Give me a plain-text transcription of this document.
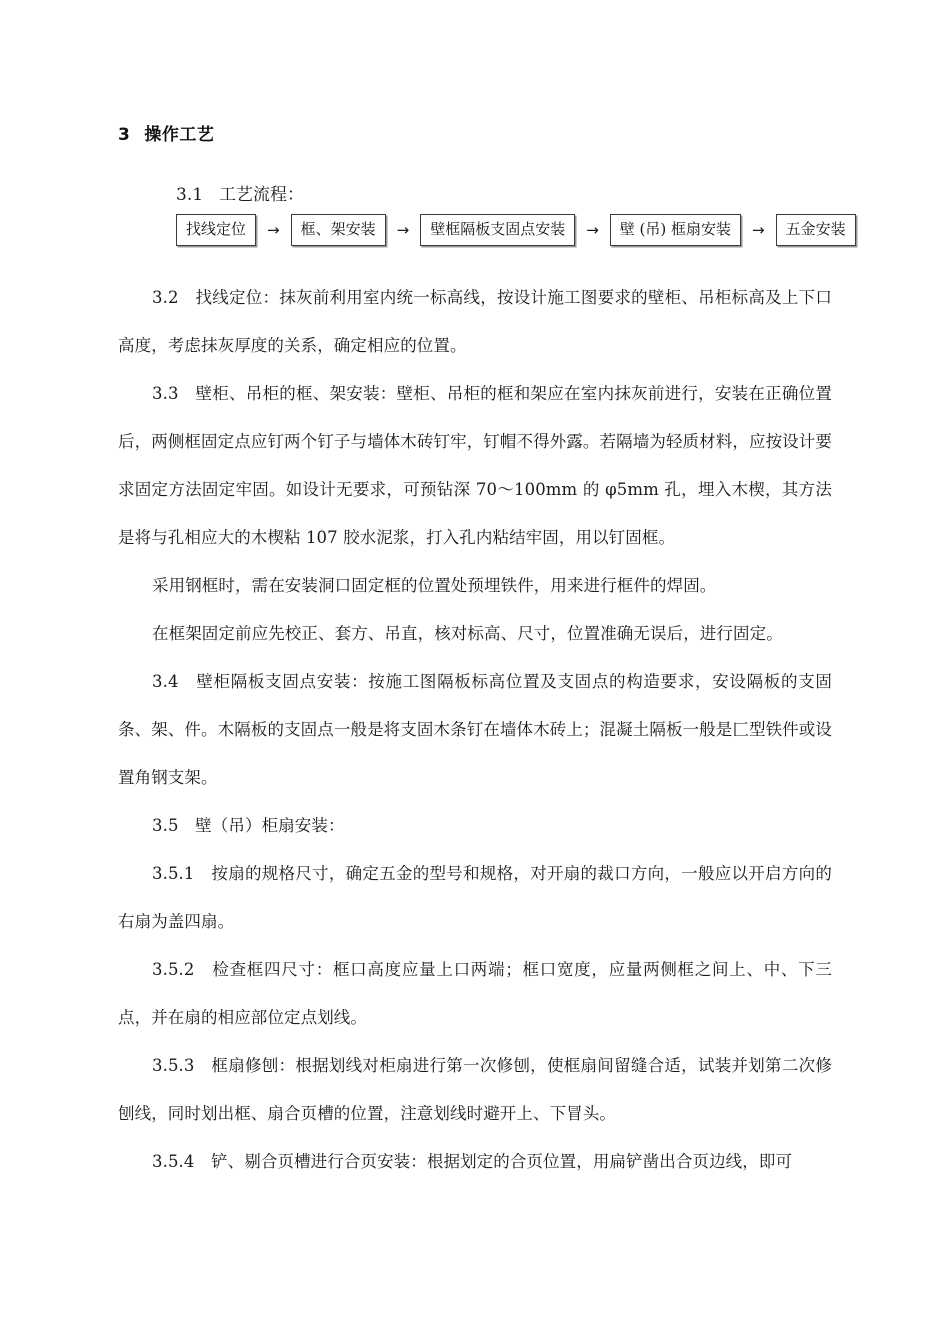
3 操作工艺
3.1 工艺流程：
找线定位	→	框、架安装	→	壁框隔板支固点安装	→	壁 (吊) 框扇安装	→	五金安装

3.2　找线定位：抹灰前利用室内统一标高线，按设计施工图要求的壁柜、吊柜标高及上下口高度，考虑抹灰厚度的关系，确定相应的位置。

3.3　壁柜、吊柜的框、架安装：壁柜、吊柜的框和架应在室内抹灰前进行，安装在正确位置后，两侧框固定点应钉两个钉子与墙体木砖钉牢，钉帽不得外露。若隔墙为轻质材料，应按设计要求固定方法固定牢固。如设计无要求，可预钻深 70～100mm 的 φ5mm 孔，埋入木楔，其方法是将与孔相应大的木楔粘 107 胶水泥浆，打入孔内粘结牢固，用以钉固框。

采用钢框时，需在安装洞口固定框的位置处预埋铁件，用来进行框件的焊固。

在框架固定前应先校正、套方、吊直，核对标高、尺寸，位置准确无误后，进行固定。

3.4　壁柜隔板支固点安装：按施工图隔板标高位置及支固点的构造要求，安设隔板的支固条、架、件。木隔板的支固点一般是将支固木条钉在墙体木砖上；混凝土隔板一般是匚型铁件或设置角钢支架。

3.5　壁（吊）柜扇安装：

3.5.1　按扇的规格尺寸，确定五金的型号和规格，对开扇的裁口方向，一般应以开启方向的右扇为盖四扇。

3.5.2　检查框四尺寸：框口高度应量上口两端；框口宽度，应量两侧框之间上、中、下三点，并在扇的相应部位定点划线。

3.5.3　框扇修刨：根据划线对柜扇进行第一次修刨，使框扇间留缝合适，试装并划第二次修刨线，同时划出框、扇合页槽的位置，注意划线时避开上、下冒头。

3.5.4　铲、剔合页槽进行合页安装：根据划定的合页位置，用扁铲凿出合页边线，即可
